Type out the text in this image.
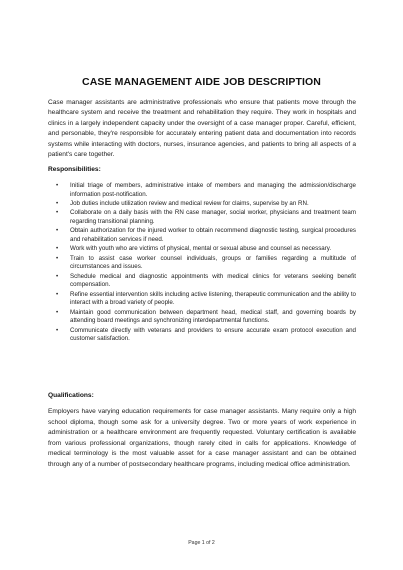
CASE MANAGEMENT AIDE JOB DESCRIPTION
Case manager assistants are administrative professionals who ensure that patients move through the healthcare system and receive the treatment and rehabilitation they require. They work in hospitals and clinics in a largely independent capacity under the oversight of a case manager proper. Careful, efficient, and personable, they're responsible for accurately entering patient data and documentation into records systems while interacting with doctors, nurses, insurance agencies, and patients to bring all aspects of a patient's care together.
Responsibilities:
• Initial triage of members, administrative intake of members and managing the admission/discharge information post-notification.
• Job duties include utilization review and medical review for claims, supervise by an RN.
• Collaborate on a daily basis with the RN case manager, social worker, physicians and treatment team regarding transitional planning.
• Obtain authorization for the injured worker to obtain recommend diagnostic testing, surgical procedures and rehabilitation services if need.
• Work with youth who are victims of physical, mental or sexual abuse and counsel as necessary.
• Train to assist case worker counsel individuals, groups or families regarding a multitude of circumstances and issues.
• Schedule medical and diagnostic appointments with medical clinics for veterans seeking benefit compensation.
• Refine essential intervention skills including active listening, therapeutic communication and the ability to interact with a broad variety of people.
• Maintain good communication between department head, medical staff, and governing boards by attending board meetings and synchronizing interdepartmental functions.
• Communicate directly with veterans and providers to ensure accurate exam protocol execution and customer satisfaction.
Qualifications:
Employers have varying education requirements for case manager assistants. Many require only a high school diploma, though some ask for a university degree. Two or more years of work experience in administration or a healthcare environment are frequently requested. Voluntary certification is available from various professional organizations, though rarely cited in calls for applications. Knowledge of medical terminology is the most valuable asset for a case manager assistant and can be obtained through any of a number of postsecondary healthcare programs, including medical office administration.
Page 1 of 2
